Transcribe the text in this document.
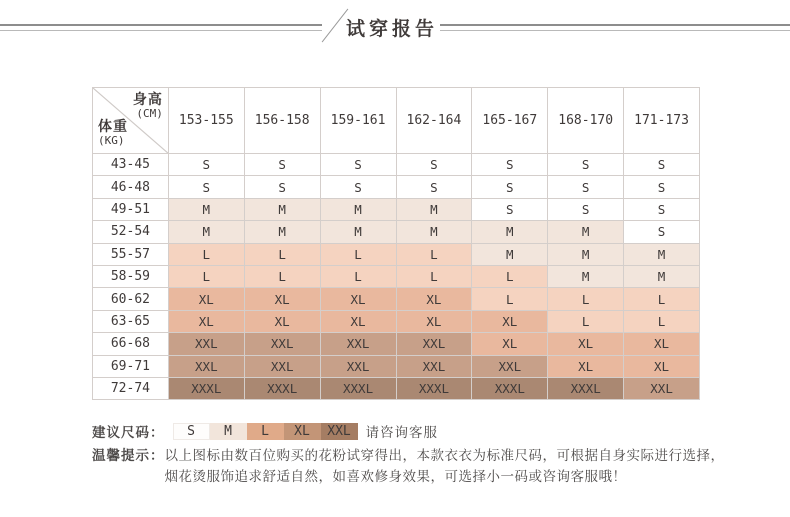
试穿报告
身高
(CM)
体重
(KG)	153-155	156-158	159-161	162-164	165-167	168-170	171-173
43-45	S	S	S	S	S	S	S
46-48	S	S	S	S	S	S	S
49-51	M	M	M	M	S	S	S
52-54	M	M	M	M	M	M	S
55-57	L	L	L	L	M	M	M
58-59	L	L	L	L	L	M	M
60-62	XL	XL	XL	XL	L	L	L
63-65	XL	XL	XL	XL	XL	L	L
66-68	XXL	XXL	XXL	XXL	XL	XL	XL
69-71	XXL	XXL	XXL	XXL	XXL	XL	XL
72-74	XXXL	XXXL	XXXL	XXXL	XXXL	XXXL	XXL
建议尺码：	S	M	L	XL	XXL	请咨询客服
温馨提示： 以上图标由数百位购买的花粉试穿得出，本款衣衣为标准尺码，可根据自身实际进行选择，
烟花烫服饰追求舒适自然，如喜欢修身效果，可选择小一码或咨询客服哦！
